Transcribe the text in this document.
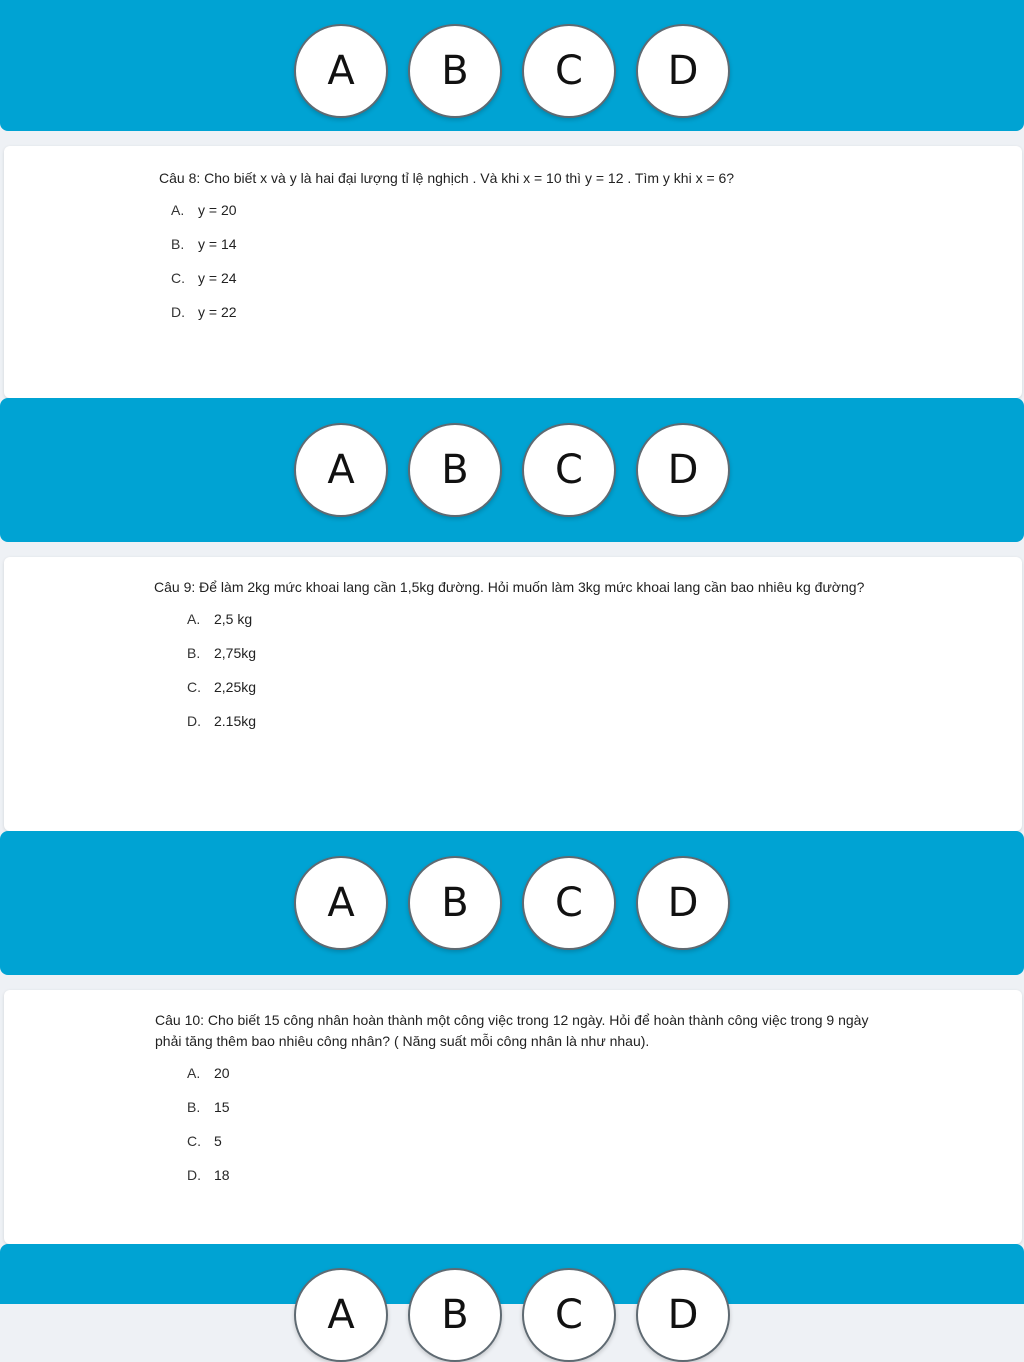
A	B	C	D
Câu 8: Cho biết x và y là hai đại lượng tỉ lệ nghịch . Và khi x = 10 thì y = 12 . Tìm y khi x = 6?
A. y = 20
B. y = 14
C. y = 24
D. y = 22
A	B	C	D
Câu 9: Để làm 2kg mức khoai lang cần 1,5kg đường. Hỏi muốn làm 3kg mức khoai lang cần bao nhiêu kg đường?
A. 2,5 kg
B. 2,75kg
C. 2,25kg
D. 2.15kg
A	B	C	D
Câu 10: Cho biết 15 công nhân hoàn thành một công việc trong 12 ngày. Hỏi để hoàn thành công việc trong 9 ngày phải tăng thêm bao nhiêu công nhân? ( Năng suất mỗi công nhân là như nhau).
A. 20
B. 15
C. 5
D. 18
A	B	C	D
